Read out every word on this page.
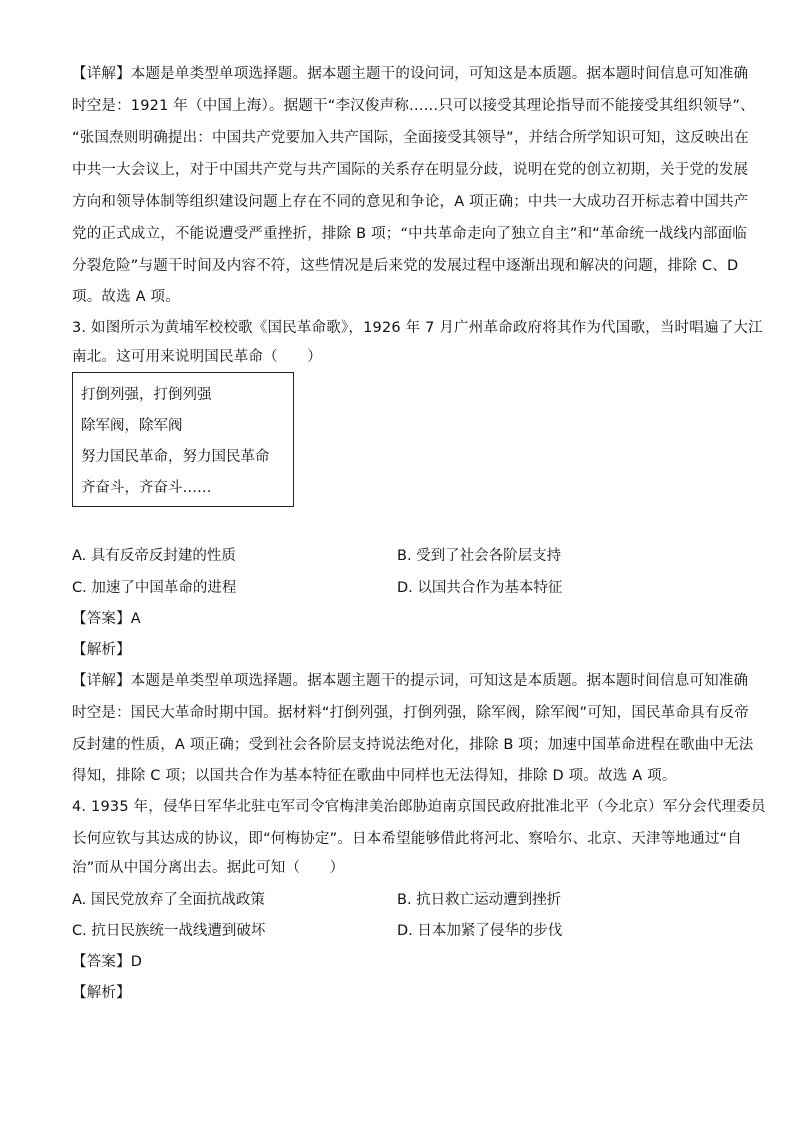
【详解】本题是单类型单项选择题。据本题主题干的设问词，可知这是本质题。据本题时间信息可知准确
时空是：1921 年（中国上海）。据题干“李汉俊声称……只可以接受其理论指导而不能接受其组织领导”、
“张国焘则明确提出：中国共产党要加入共产国际，全面接受其领导”，并结合所学知识可知，这反映出在
中共一大会议上，对于中国共产党与共产国际的关系存在明显分歧，说明在党的创立初期，关于党的发展
方向和领导体制等组织建设问题上存在不同的意见和争论，A 项正确；中共一大成功召开标志着中国共产
党的正式成立，不能说遭受严重挫折，排除 B 项；“中共革命走向了独立自主”和“革命统一战线内部面临
分裂危险”与题干时间及内容不符，这些情况是后来党的发展过程中逐渐出现和解决的问题，排除 C、D
项。故选 A 项。
3. 如图所示为黄埔军校校歌《国民革命歌》，1926 年 7 月广州革命政府将其作为代国歌，当时唱遍了大江
南北。这可用来说明国民革命（　　）
打倒列强，打倒列强
除军阀，除军阀
努力国民革命，努力国民革命
齐奋斗，齐奋斗……
A. 具有反帝反封建的性质	B. 受到了社会各阶层支持
C. 加速了中国革命的进程	D. 以国共合作为基本特征
【答案】A
【解析】
【详解】本题是单类型单项选择题。据本题主题干的提示词，可知这是本质题。据本题时间信息可知准确
时空是：国民大革命时期中国。据材料“打倒列强，打倒列强，除军阀，除军阀”可知，国民革命具有反帝
反封建的性质，A 项正确；受到社会各阶层支持说法绝对化，排除 B 项；加速中国革命进程在歌曲中无法
得知，排除 C 项；以国共合作为基本特征在歌曲中同样也无法得知，排除 D 项。故选 A 项。
4. 1935 年，侵华日军华北驻屯军司令官梅津美治郎胁迫南京国民政府批准北平（今北京）军分会代理委员
长何应钦与其达成的协议，即“何梅协定”。日本希望能够借此将河北、察哈尔、北京、天津等地通过“自
治”而从中国分离出去。据此可知（　　）
A. 国民党放弃了全面抗战政策	B. 抗日救亡运动遭到挫折
C. 抗日民族统一战线遭到破坏	D. 日本加紧了侵华的步伐
【答案】D
【解析】
